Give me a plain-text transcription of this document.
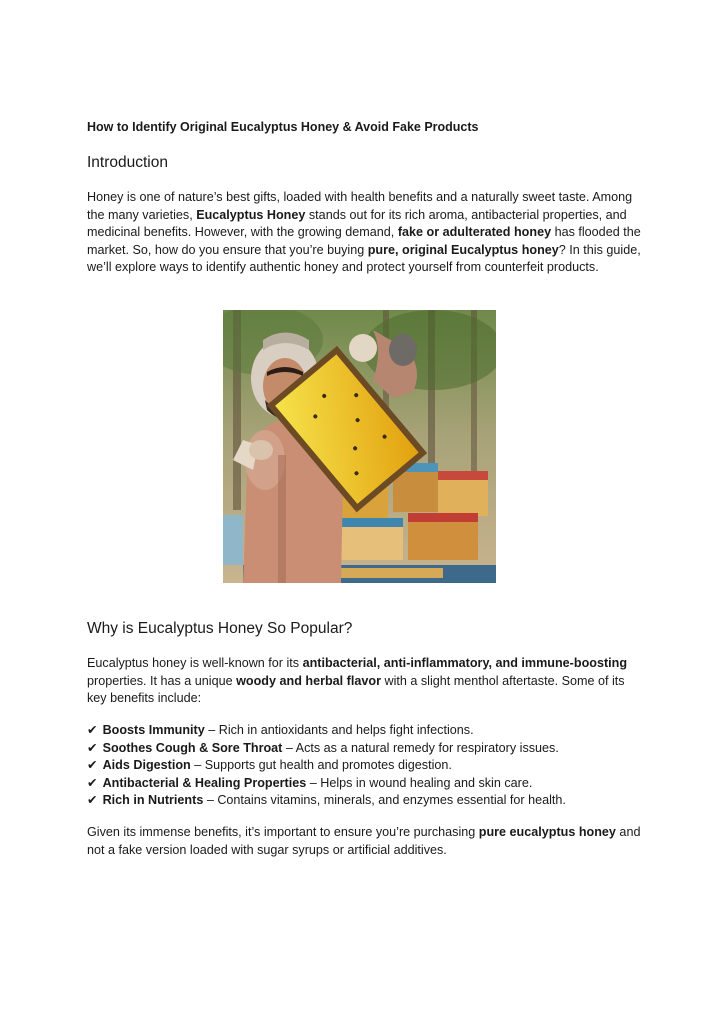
How to Identify Original Eucalyptus Honey & Avoid Fake Products

Introduction

Honey is one of nature’s best gifts, loaded with health benefits and a naturally sweet taste. Among the many varieties, Eucalyptus Honey stands out for its rich aroma, antibacterial properties, and medicinal benefits. However, with the growing demand, fake or adulterated honey has flooded the market. So, how do you ensure that you’re buying pure, original Eucalyptus honey? In this guide, we’ll explore ways to identify authentic honey and protect yourself from counterfeit products.

Why is Eucalyptus Honey So Popular?

Eucalyptus honey is well-known for its antibacterial, anti-inflammatory, and immune-boosting properties. It has a unique woody and herbal flavor with a slight menthol aftertaste. Some of its key benefits include:

✔ Boosts Immunity – Rich in antioxidants and helps fight infections.
✔ Soothes Cough & Sore Throat – Acts as a natural remedy for respiratory issues.
✔ Aids Digestion – Supports gut health and promotes digestion.
✔ Antibacterial & Healing Properties – Helps in wound healing and skin care.
✔ Rich in Nutrients – Contains vitamins, minerals, and enzymes essential for health.

Given its immense benefits, it’s important to ensure you’re purchasing pure eucalyptus honey and not a fake version loaded with sugar syrups or artificial additives.
